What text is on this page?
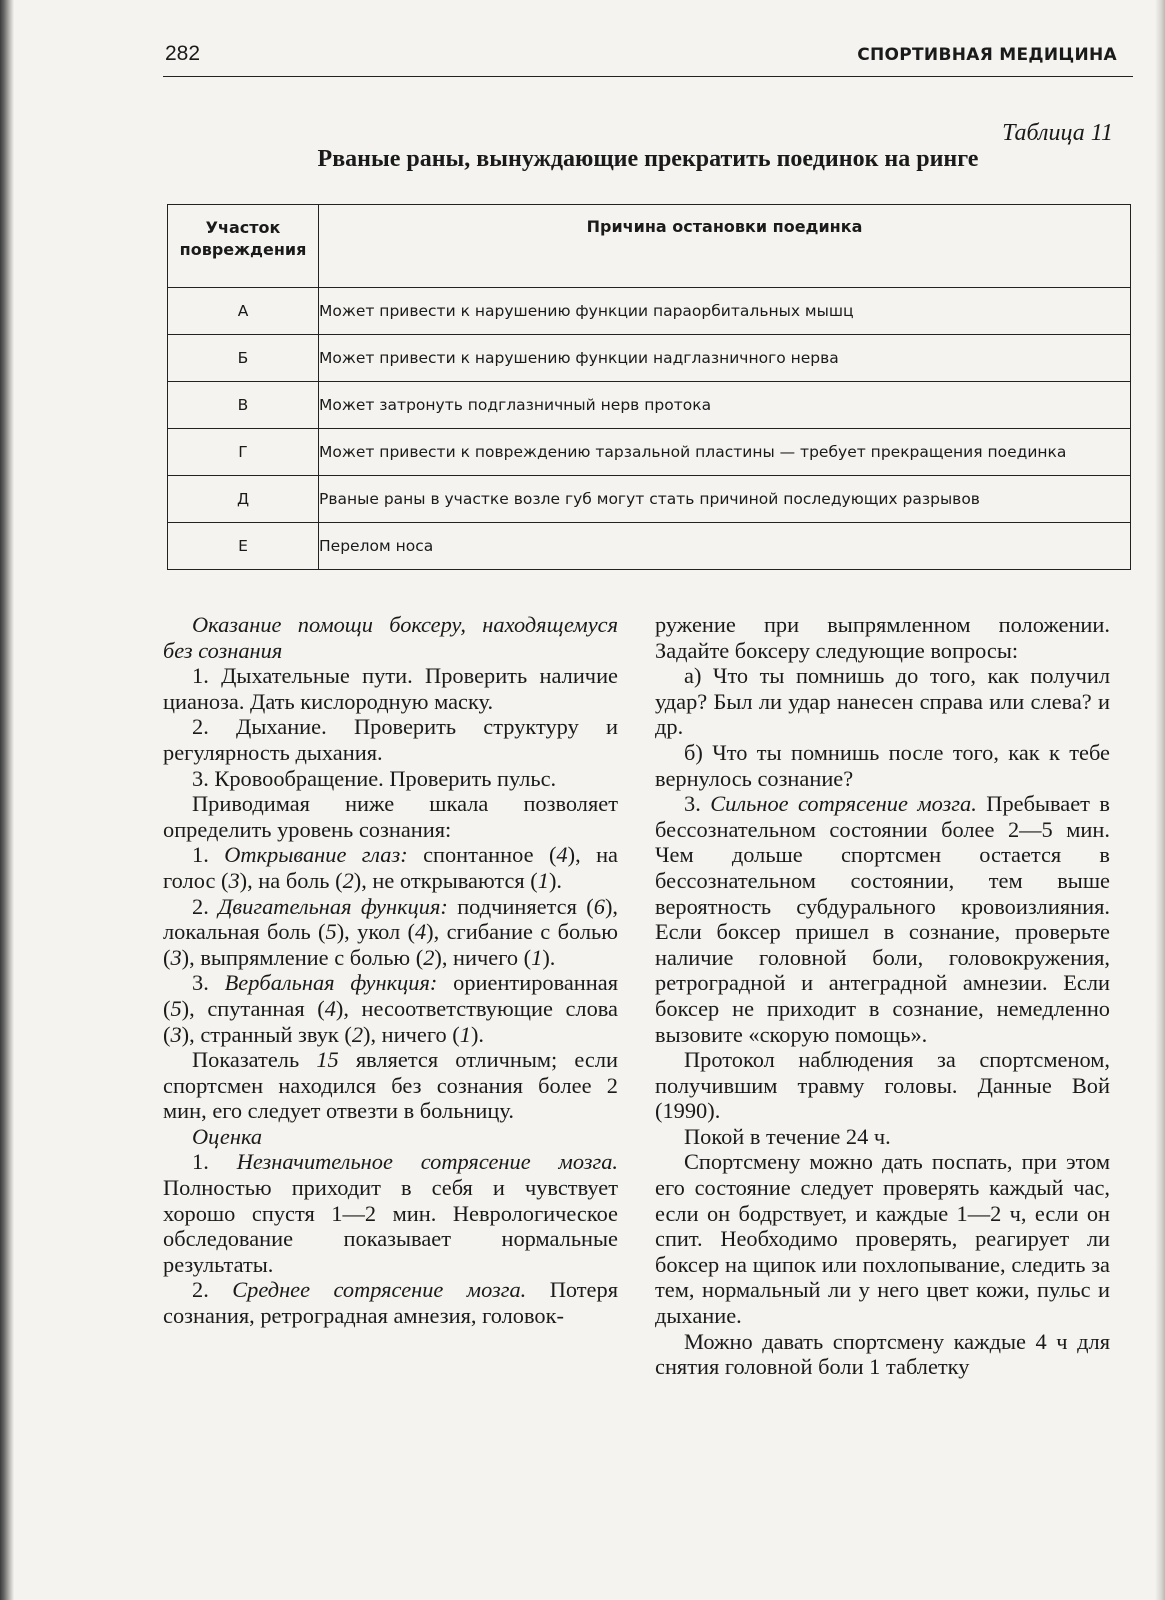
282	СПОРТИВНАЯ МЕДИЦИНА
Таблица 11
Рваные раны, вынуждающие прекратить поединок на ринге
Участок повреждения	Причина остановки поединка
А	Может привести к нарушению функции параорбитальных мышц
Б	Может привести к нарушению функции надглазничного нерва
В	Может затронуть подглазничный нерв протока
Г	Может привести к повреждению тарзальной пластины — требует прекращения поединка
Д	Рваные раны в участке возле губ могут стать причиной последующих разрывов
Е	Перелом носа

Оказание помощи боксеру, находящемуся без сознания

1. Дыхательные пути. Проверить наличие цианоза. Дать кислородную маску.

2. Дыхание. Проверить структуру и регулярность дыхания.

3. Кровообращение. Проверить пульс.

Приводимая ниже шкала позволяет определить уровень сознания:

1. Открывание глаз: спонтанное (4), на голос (3), на боль (2), не открываются (1).

2. Двигательная функция: подчиняется (6), локальная боль (5), укол (4), сгибание с болью (3), выпрямление с болью (2), ничего (1).

3. Вербальная функция: ориентированная (5), спутанная (4), несоответствующие слова (3), странный звук (2), ничего (1).

Показатель 15 является отличным; если спортсмен находился без сознания более 2 мин, его следует отвезти в больницу.

Оценка

1. Незначительное сотрясение мозга. Полностью приходит в себя и чувствует хорошо спустя 1—2 мин. Неврологическое обследование показывает нормальные результаты.

2. Среднее сотрясение мозга. Потеря сознания, ретроградная амнезия, головок-

ружение при выпрямленном положении. Задайте боксеру следующие вопросы:

а) Что ты помнишь до того, как получил удар? Был ли удар нанесен справа или слева? и др.

б) Что ты помнишь после того, как к тебе вернулось сознание?

3. Сильное сотрясение мозга. Пребывает в бессознательном состоянии более 2—5 мин. Чем дольше спортсмен остается в бессознательном состоянии, тем выше вероятность субдурального кровоизлияния. Если боксер пришел в сознание, проверьте наличие головной боли, головокружения, ретроградной и антеградной амнезии. Если боксер не приходит в сознание, немедленно вызовите «скорую помощь».

Протокол наблюдения за спортсменом, получившим травму головы. Данные Вой (1990).

Покой в течение 24 ч.

Спортсмену можно дать поспать, при этом его состояние следует проверять каждый час, если он бодрствует, и каждые 1—2 ч, если он спит. Необходимо проверять, реагирует ли боксер на щипок или похлопывание, следить за тем, нормальный ли у него цвет кожи, пульс и дыхание.

Можно давать спортсмену каждые 4 ч для снятия головной боли 1 таблетку
